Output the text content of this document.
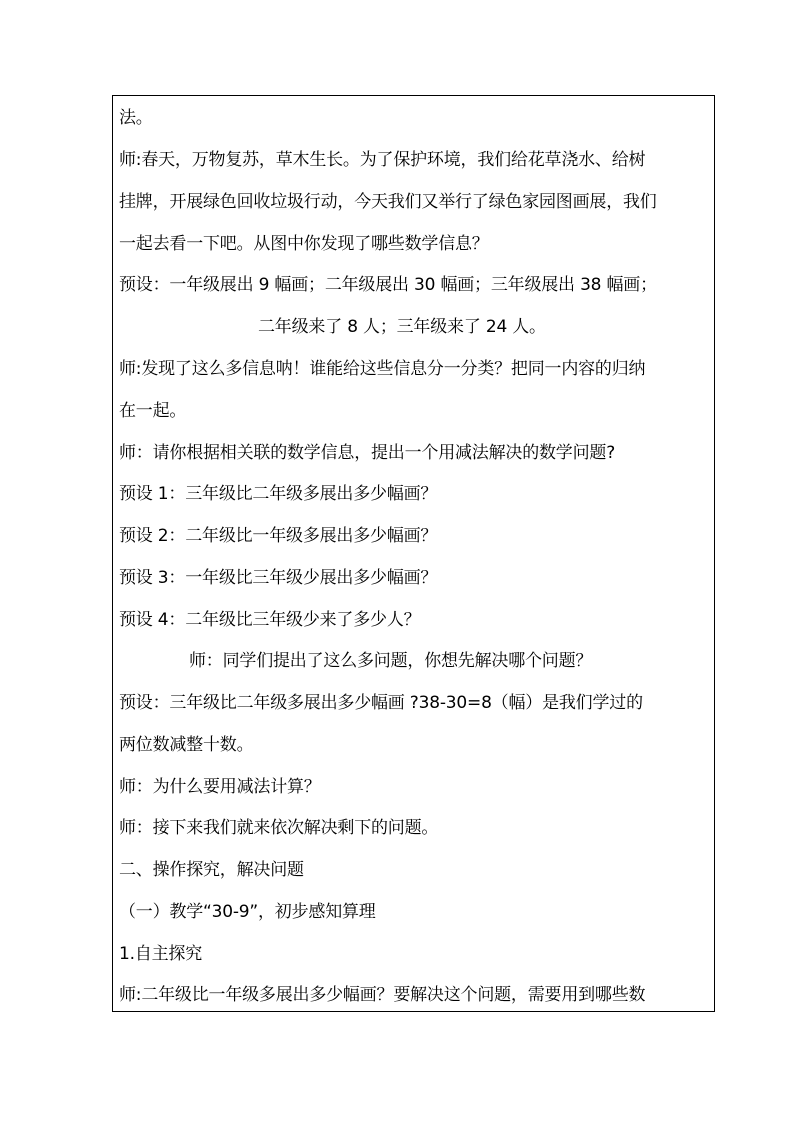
法。
师:春天，万物复苏，草木生长。为了保护环境，我们给花草浇水、给树
挂牌，开展绿色回收垃圾行动，今天我们又举行了绿色家园图画展，我们
一起去看一下吧。从图中你发现了哪些数学信息？
预设：一年级展出 9 幅画；二年级展出 30 幅画；三年级展出 38 幅画；
二年级来了 8 人；三年级来了 24 人。
师:发现了这么多信息呐！谁能给这些信息分一分类？把同一内容的归纳
在一起。
师：请你根据相关联的数学信息，提出一个用减法解决的数学问题?
预设 1：三年级比二年级多展出多少幅画？
预设 2：二年级比一年级多展出多少幅画？
预设 3：一年级比三年级少展出多少幅画？
预设 4：二年级比三年级少来了多少人？
师：同学们提出了这么多问题，你想先解决哪个问题？
预设：三年级比二年级多展出多少幅画 ?38-30=8（幅）是我们学过的
两位数减整十数。
师：为什么要用减法计算？
师：接下来我们就来依次解决剩下的问题。
二、操作探究，解决问题
（一）教学“30-9”，初步感知算理
1.自主探究
师:二年级比一年级多展出多少幅画？要解决这个问题，需要用到哪些数
